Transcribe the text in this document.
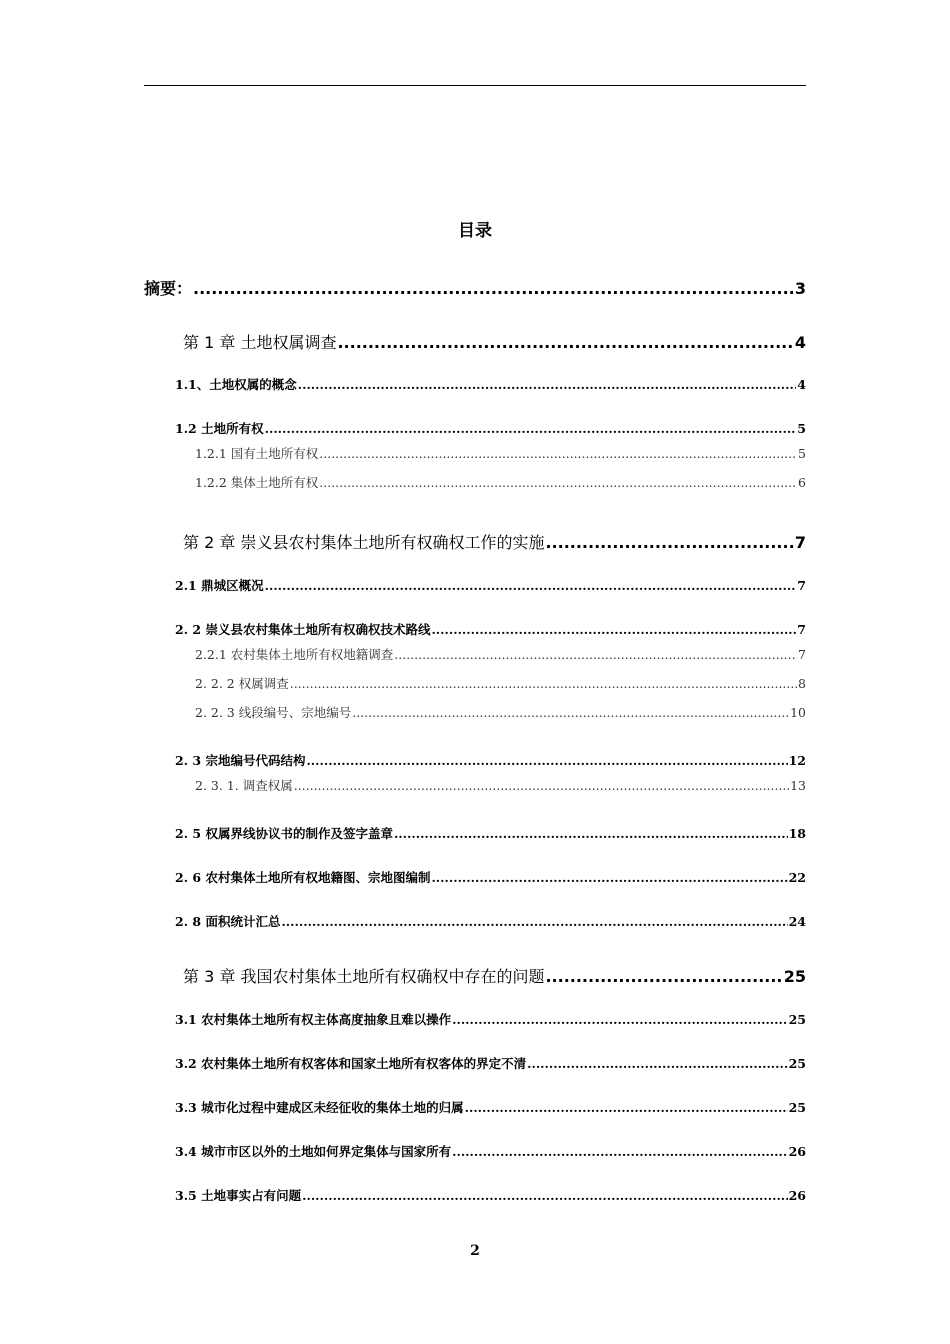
目录
摘要： .....	3
第 1 章 土地权属调查 .....	4
1.1、土地权属的概念 .....	4
1.2 土地所有权 .....	5
1.2.1 国有土地所有权 .....	5
1.2.2 集体土地所有权 .....	6
第 2 章 崇义县农村集体土地所有权确权工作的实施 .....	7
2.1 鼎城区概况 .....	7
2. 2 崇义县农村集体土地所有权确权技术路线 .....	7
2.2.1 农村集体土地所有权地籍调查 .....	7
2. 2. 2 权属调查 .....	8
2. 2. 3 线段编号、宗地编号 .....	10
2. 3 宗地编号代码结构 .....	12
2. 3. 1. 调查权属 .....	13
2. 5 权属界线协议书的制作及签字盖章 .....	18
2. 6 农村集体土地所有权地籍图、宗地图编制 .....	22
2. 8 面积统计汇总 .....	24
第 3 章 我国农村集体土地所有权确权中存在的问题 .....	25
3.1 农村集体土地所有权主体高度抽象且难以操作 .....	25
3.2 农村集体土地所有权客体和国家土地所有权客体的界定不清 .....	25
3.3 城市化过程中建成区未经征收的集体土地的归属 .....	25
3.4 城市市区以外的土地如何界定集体与国家所有 .....	26
3.5 土地事实占有问题 .....	26
2
